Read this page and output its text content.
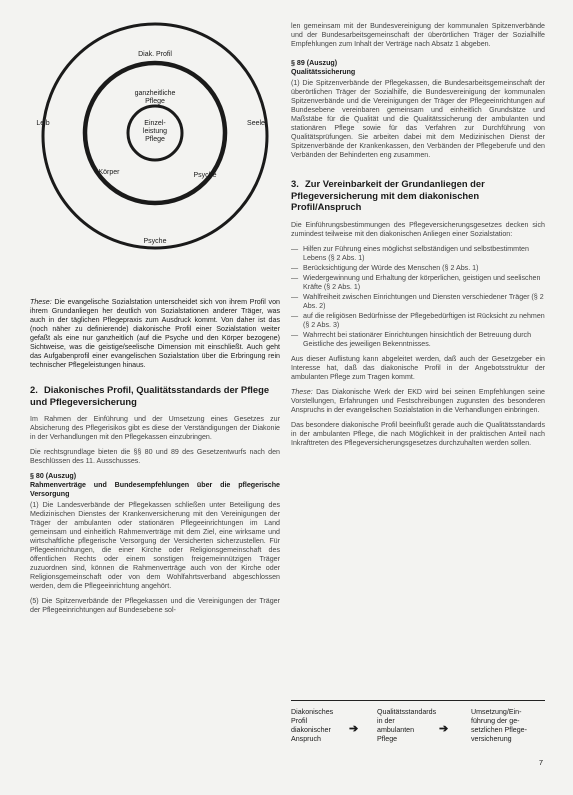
Diak. Profil
ganzheitliche Pflege
Einzel- leistung Pflege
Leib	Seele
Körper	Psyche
Psyche

These: Die evangelische Sozialstation unterscheidet sich von ihrem Profil von ihrem Grundanliegen her deutlich von Sozialstationen anderer Träger, was auch in der täglichen Pflegepraxis zum Ausdruck kommt. Von daher ist das (noch näher zu definierende) diakonische Profil einer Sozialstation weiter gefaßt als eine nur ganzheitlich (auf die Psyche und den Körper bezogene) Sichtweise, was die geistige/seelische Dimension mit einschließt. Auch geht das Aufgabenprofil einer evangelischen Sozialstation über die Erbringung rein technischer Pflegeleistungen hinaus.

2. Diakonisches Profil, Qualitätsstandards der Pflege und Pflegeversicherung

Im Rahmen der Einführung und der Umsetzung eines Gesetzes zur Absicherung des Pflegerisikos gibt es diese der Verständigungen der Diakonie in der Verhandlungen mit den Pflegekassen einzubringen.

Die rechtsgrundlage bieten die §§ 80 und 89 des Gesetzentwurfs nach den Beschlüssen des 11. Ausschusses.

§ 80 (Auszug)

Rahmenverträge und Bundesempfehlungen über die pflegerische Versorgung

(1) Die Landesverbände der Pflegekassen schließen unter Beteiligung des Medizinischen Dienstes der Krankenversicherung mit den Vereinigungen der Träger der ambulanten oder stationären Pflegeeinrichtungen im Land gemeinsam und einheitlich Rahmenverträge mit dem Ziel, eine wirksame und wirtschaftliche pflegerische Versorgung der Versicherten sicherzustellen. Für Pflegeeinrichtungen, die einer Kirche oder Religionsgemeinschaft des öffentlichen Rechts oder einem sonstigen freigemeinnützigen Träger zuzuordnen sind, können die Rahmenverträge auch von der Kirche oder Religionsgemeinschaft oder von dem Wohlfahrtsverband abgeschlossen werden, dem die Pflegeeinrichtung angehört.

(5) Die Spitzenverbände der Pflegekassen und die Vereinigungen der Träger der Pflegeeinrichtungen auf Bundesebene sol-

len gemeinsam mit der Bundesvereinigung der kommunalen Spitzenverbände und der Bundesarbeitsgemeinschaft der überörtlichen Träger der Sozialhilfe Empfehlungen zum Inhalt der Verträge nach Absatz 1 abgeben.

§ 89 (Auszug)

Qualitätssicherung

(1) Die Spitzenverbände der Pflegekassen, die Bundesarbeitsgemeinschaft der überörtlichen Träger der Sozialhilfe, die Bundesvereinigung der kommunalen Spitzenverbände und die Vereinigungen der Träger der Pflegeeinrichtungen auf Bundesebene vereinbaren gemeinsam und einheitlich Grundsätze und Maßstäbe für die Qualität und die Qualitätssicherung der ambulanten und stationären Pflege sowie für das Verfahren zur Durchführung von Qualitätsprüfungen. Sie arbeiten dabei mit dem Medizinischen Dienst der Spitzenverbände der Krankenkassen, den Verbänden der Pflegeberufe und den Verbänden der Behinderten eng zusammen.

3. Zur Vereinbarkeit der Grundanliegen der Pflegeversicherung mit dem diakonischen Profil/Anspruch

Die Einführungsbestimmungen des Pflegeversicherungsgesetzes decken sich zumindest teilweise mit den diakonischen Anliegen einer Sozialstation:

— Hilfen zur Führung eines möglichst selbständigen und selbstbestimmten Lebens (§ 2 Abs. 1)
— Berücksichtigung der Würde des Menschen (§ 2 Abs. 1)
— Wiedergewinnung und Erhaltung der körperlichen, geistigen und seelischen Kräfte (§ 2 Abs. 1)
— Wahlfreiheit zwischen Einrichtungen und Diensten verschiedener Träger (§ 2 Abs. 2)
— auf die religiösen Bedürfnisse der Pflegebedürftigen ist Rücksicht zu nehmen (§ 2 Abs. 3)
— Wahrrecht bei stationärer Einrichtungen hinsichtlich der Betreuung durch Geistliche des jeweiligen Bekenntnisses.

Aus dieser Auflistung kann abgeleitet werden, daß auch der Gesetzgeber ein Interesse hat, daß das diakonische Profil in der Angebotsstruktur der ambulanten Pflege zum Tragen kommt.

These: Das Diakonische Werk der EKD wird bei seinen Empfehlungen seine Vorstellungen, Erfahrungen und Festschreibungen zugunsten des besonderen Anspruchs in der evangelischen Sozialstation in die Verhandlungen einbringen.

Das besondere diakonische Profil beeinflußt gerade auch die Qualitätsstandards in der ambulanten Pflege, die nach Möglichkeit in der praktischen Anteil nach Inkrafttreten des Pflegeversicherungsgesetzes durchzuhalten werden sollen.

Diakonisches
Profil
diakonischer
Anspruch
➔
Qualitätsstandards
in der
ambulanten
Pflege
➔
Umsetzung/Ein-
führung der ge-
setzlichen Pflege-
versicherung
7
